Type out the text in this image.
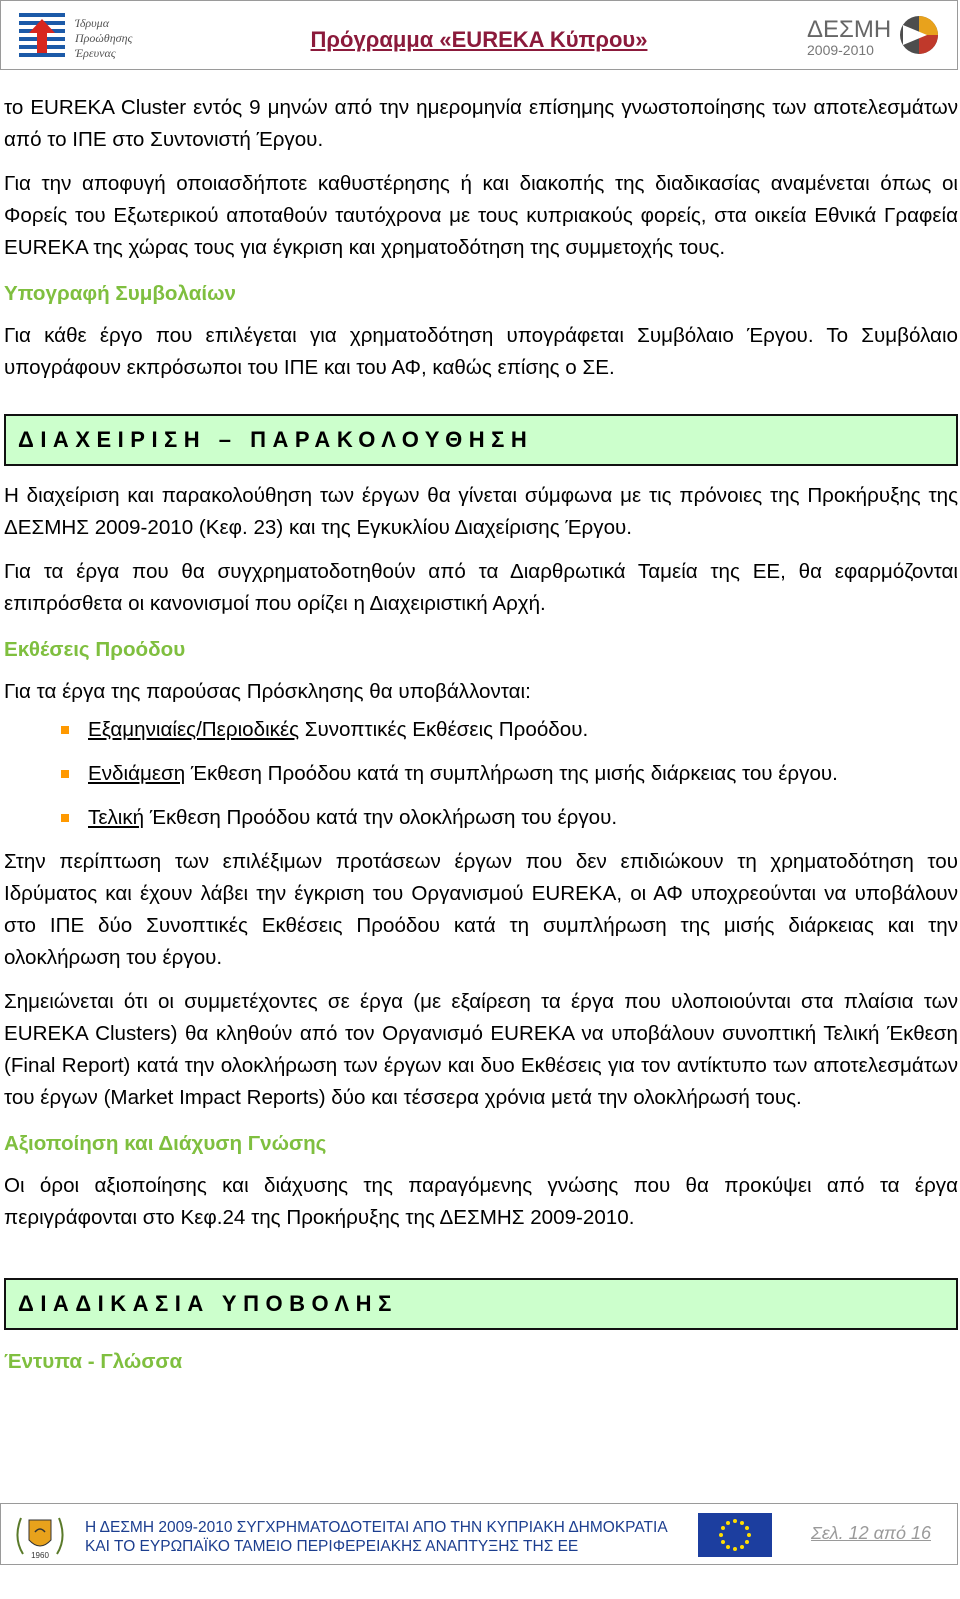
Ίδρυμα
Προώθησης
Έρευνας
Πρόγραμμα «EUREKA Κύπρου»	ΔΕΣΜΗ
2009-2010

το EUREKA Cluster εντός 9 μηνών από την ημερομηνία επίσημης γνωστοποίησης των αποτελεσμάτων από το ΙΠΕ στο Συντονιστή Έργου.

Για την αποφυγή οποιασδήποτε καθυστέρησης ή και διακοπής της διαδικασίας αναμένεται όπως οι Φορείς του Εξωτερικού αποταθούν ταυτόχρονα με τους κυπριακούς φορείς, στα οικεία Εθνικά Γραφεία EUREKA της χώρας τους για έγκριση και χρηματοδότηση της συμμετοχής τους.

Υπογραφή Συμβολαίων

Για κάθε έργο που επιλέγεται για χρηματοδότηση υπογράφεται Συμβόλαιο Έργου. Το Συμβόλαιο υπογράφουν εκπρόσωποι του ΙΠΕ και του ΑΦ, καθώς επίσης ο ΣΕ.

ΔΙΑΧΕΙΡΙΣΗ – ΠΑΡΑΚΟΛΟΥΘΗΣΗ

Η διαχείριση και παρακολούθηση των έργων θα γίνεται σύμφωνα με τις πρόνοιες της Προκήρυξης της ΔΕΣΜΗΣ 2009-2010 (Κεφ. 23) και της Εγκυκλίου Διαχείρισης Έργου.

Για τα έργα που θα συγχρηματοδοτηθούν από τα Διαρθρωτικά Ταμεία της ΕΕ, θα εφαρμόζονται επιπρόσθετα οι κανονισμοί που ορίζει η Διαχειριστική Αρχή.

Εκθέσεις Προόδου

Για τα έργα της παρούσας Πρόσκλησης θα υποβάλλονται:

Εξαμηνιαίες/Περιοδικές Συνοπτικές Εκθέσεις Προόδου.
Ενδιάμεση Έκθεση Προόδου κατά τη συμπλήρωση της μισής διάρκειας του έργου.
Τελική Έκθεση Προόδου κατά την ολοκλήρωση του έργου.

Στην περίπτωση των επιλέξιμων προτάσεων έργων που δεν επιδιώκουν τη χρηματοδότηση του Ιδρύματος και έχουν λάβει την έγκριση του Οργανισμού EUREKA, οι ΑΦ υποχρεούνται να υποβάλουν στο ΙΠΕ δύο Συνοπτικές Εκθέσεις Προόδου κατά τη συμπλήρωση της μισής διάρκειας και την ολοκλήρωση του έργου.

Σημειώνεται ότι οι συμμετέχοντες σε έργα (με εξαίρεση τα έργα που υλοποιούνται στα πλαίσια των EUREKA Clusters) θα κληθούν από τον Οργανισμό EUREKA να υποβάλουν συνοπτική Τελική Έκθεση (Final Report) κατά την ολοκλήρωση των έργων και δυο Εκθέσεις για τον αντίκτυπο των αποτελεσμάτων του έργων (Market Impact Reports) δύο και τέσσερα χρόνια μετά την ολοκλήρωσή τους.

Αξιοποίηση και Διάχυση Γνώσης

Οι όροι αξιοποίησης και διάχυσης της παραγόμενης γνώσης που θα προκύψει από τα έργα περιγράφονται στο Κεφ.24 της Προκήρυξης της ΔΕΣΜΗΣ 2009-2010.

ΔΙΑΔΙΚΑΣΙΑ ΥΠΟΒΟΛΗΣ
Έντυπα - Γλώσσα
1960
Η ΔΕΣΜΗ 2009-2010 ΣΥΓΧΡΗΜΑΤΟΔΟΤΕΙΤΑΙ ΑΠΟ ΤΗΝ ΚΥΠΡΙΑΚΗ ΔΗΜΟΚΡΑΤΙΑ
ΚΑΙ ΤΟ ΕΥΡΩΠΑΪΚΟ ΤΑΜΕΙΟ ΠΕΡΙΦΕΡΕΙΑΚΗΣ ΑΝΑΠΤΥΞΗΣ ΤΗΣ ΕΕ
Σελ. 12 από 16
